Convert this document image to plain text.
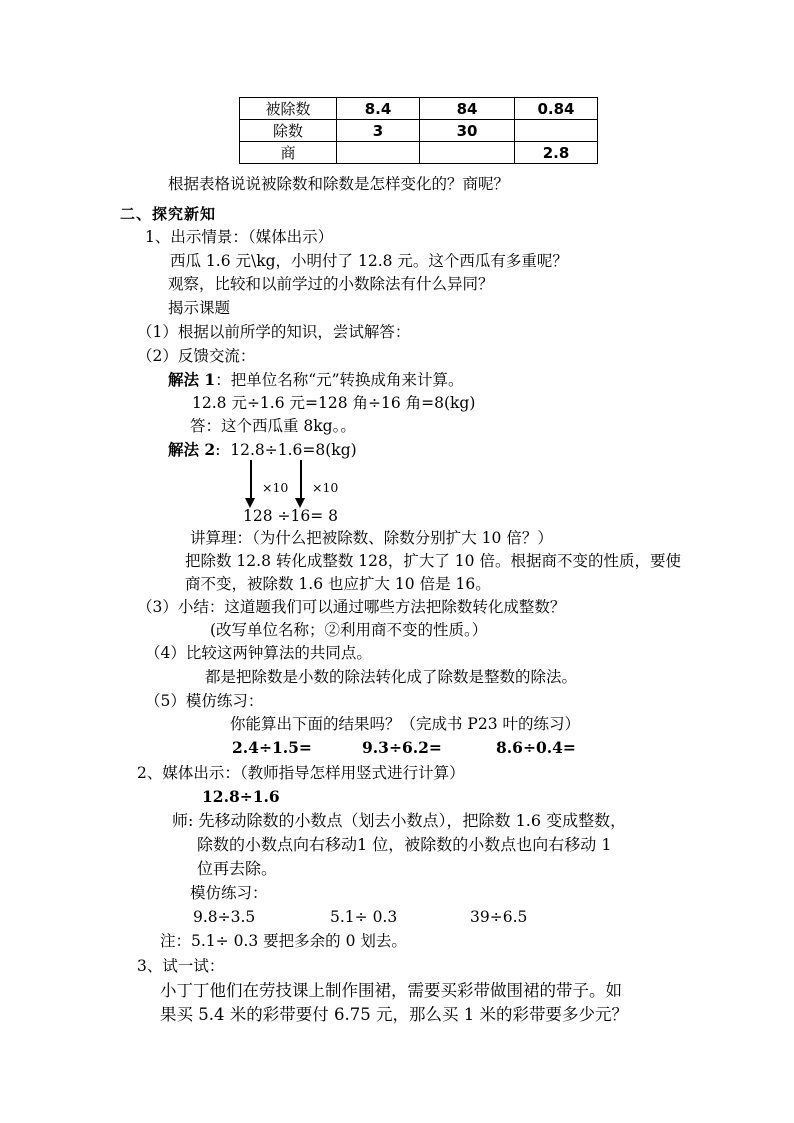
被除数	8.4	84	0.84
除数	3	30	
商			2.8
根据表格说说被除数和除数是怎样变化的？商呢？
二、探究新知
1、出示情景：（媒体出示）
西瓜 1.6 元\kg，小明付了 12.8 元。这个西瓜有多重呢？
观察，比较和以前学过的小数除法有什么异同？
揭示课题
（1）根据以前所学的知识，尝试解答：
（2）反馈交流：
解法 1：把单位名称“元”转换成角来计算。
12.8 元÷1.6 元=128 角÷16 角=8(kg)
答：这个西瓜重 8kg。。
解法 2:  12.8÷1.6=8(kg)
×10 ×10
128 ÷16= 8
讲算理：（为什么把被除数、除数分别扩大 10 倍？）
把除数 12.8 转化成整数 128，扩大了 10 倍。根据商不变的性质，要使
商不变，被除数 1.6 也应扩大 10 倍是 16。
（3）小结：这道题我们可以通过哪些方法把除数转化成整数？
(改写单位名称；②利用商不变的性质。）
（4）比较这两钟算法的共同点。
都是把除数是小数的除法转化成了除数是整数的除法。
（5）模仿练习：
你能算出下面的结果吗？（完成书 P23 叶的练习）
2.4÷1.5=	9.3÷6.2=	8.6÷0.4=
2、媒体出示：（教师指导怎样用竖式进行计算）
12.8÷1.6
师: 先移动除数的小数点（划去小数点），把除数 1.6 变成整数，
除数的小数点向右移动1 位，被除数的小数点也向右移动 1
位再去除。
模仿练习：
9.8÷3.5	5.1÷ 0.3	39÷6.5
注：5.1÷ 0.3 要把多余的 0 划去。
3、试一试：
小丁丁他们在劳技课上制作围裙，需要买彩带做围裙的带子。如
果买 5.4 米的彩带要付 6.75 元，那么买 1 米的彩带要多少元？
